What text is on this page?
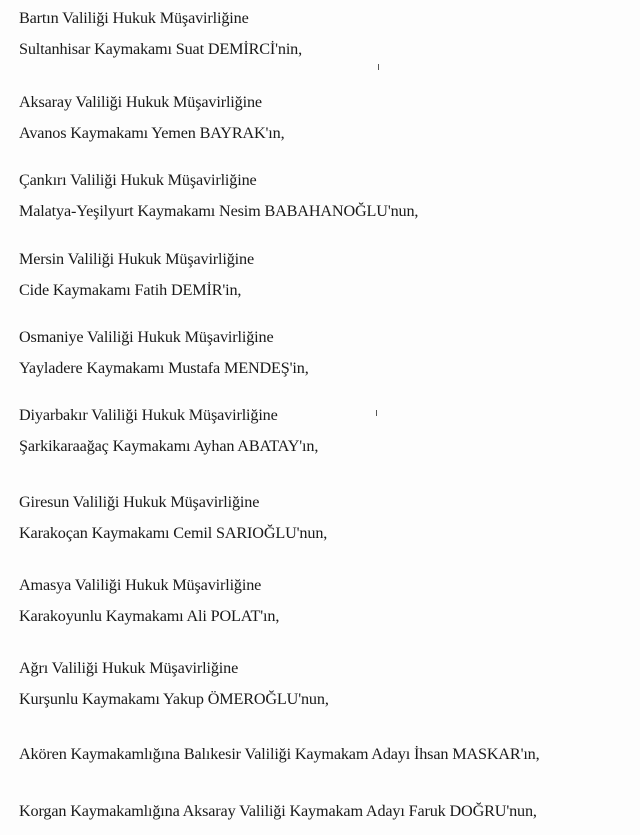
Bartın Valiliği Hukuk Müşavirliğine
Sultanhisar Kaymakamı Suat DEMİRCİ'nin,
Aksaray Valiliği Hukuk Müşavirliğine
Avanos Kaymakamı Yemen BAYRAK'ın,
Çankırı Valiliği Hukuk Müşavirliğine
Malatya-Yeşilyurt Kaymakamı Nesim BABAHANOĞLU'nun,
Mersin Valiliği Hukuk Müşavirliğine
Cide Kaymakamı Fatih DEMİR'in,
Osmaniye Valiliği Hukuk Müşavirliğine
Yayladere Kaymakamı Mustafa MENDEŞ'in,
Diyarbakır Valiliği Hukuk Müşavirliğine
Şarkikaraağaç Kaymakamı Ayhan ABATAY'ın,
Giresun Valiliği Hukuk Müşavirliğine
Karakoçan Kaymakamı Cemil SARIOĞLU'nun,
Amasya Valiliği Hukuk Müşavirliğine
Karakoyunlu Kaymakamı Ali POLAT'ın,
Ağrı Valiliği Hukuk Müşavirliğine
Kurşunlu Kaymakamı Yakup ÖMEROĞLU'nun,
Akören Kaymakamlığına Balıkesir Valiliği Kaymakam Adayı İhsan MASKAR'ın,
Korgan Kaymakamlığına Aksaray Valiliği Kaymakam Adayı Faruk DOĞRU'nun,
